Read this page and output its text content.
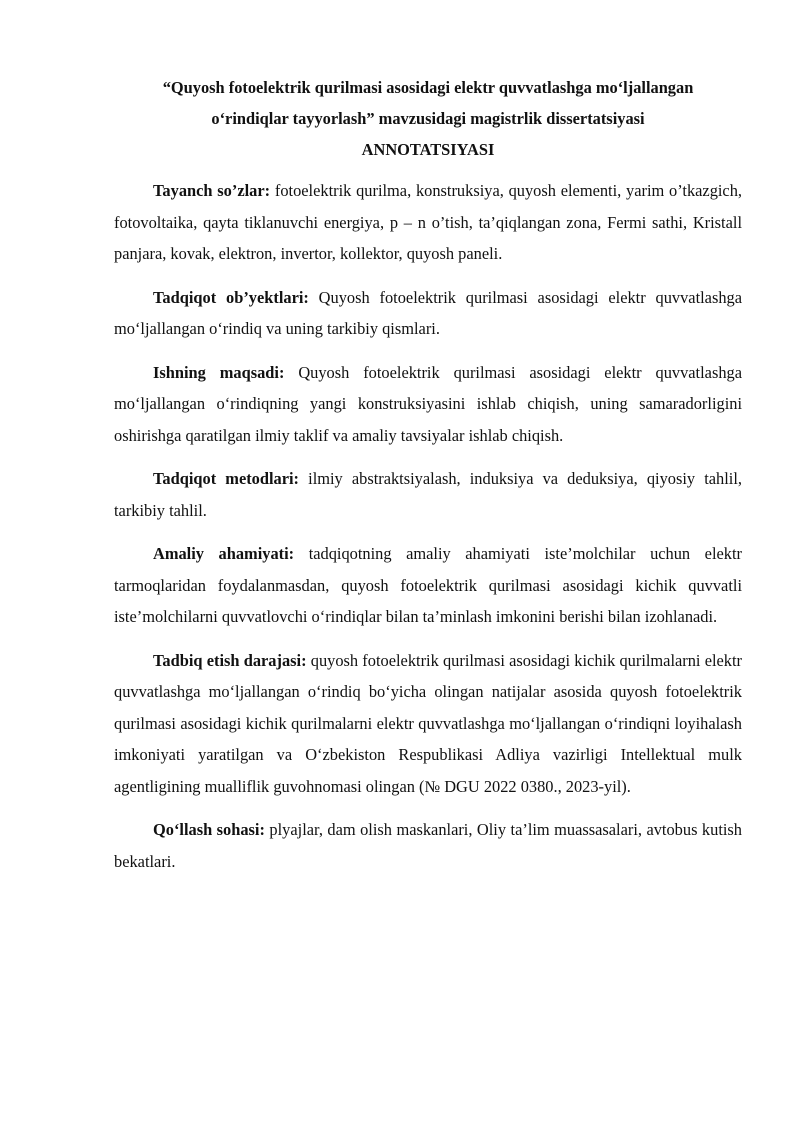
“Quyosh fotoelektrik qurilmasi asosidagi elektr quvvatlashga mo‘ljallangan
o‘rindiqlar tayyorlash” mavzusidagi magistrlik dissertatsiyasi

ANNOTATSIYASI

Tayanch so’zlar: fotoelektrik qurilma, konstruksiya, quyosh elementi, yarim o’tkazgich, fotovoltaika, qayta tiklanuvchi energiya, p – n o’tish, ta’qiqlangan zona, Fermi sathi, Kristall panjara, kovak, elektron, invertor, kollektor, quyosh paneli.

Tadqiqot ob’yektlari: Quyosh fotoelektrik qurilmasi asosidagi elektr quvvatlashga mo‘ljallangan o‘rindiq va uning tarkibiy qismlari.

Ishning maqsadi: Quyosh fotoelektrik qurilmasi asosidagi elektr quvvatlashga mo‘ljallangan o‘rindiqning yangi konstruksiyasini ishlab chiqish, uning samaradorligini oshirishga qaratilgan ilmiy taklif va amaliy tavsiyalar ishlab chiqish.

Tadqiqot metodlari: ilmiy abstraktsiyalash, induksiya va deduksiya, qiyosiy tahlil, tarkibiy tahlil.

Amaliy ahamiyati: tadqiqotning amaliy ahamiyati iste’molchilar uchun elektr tarmoqlaridan foydalanmasdan, quyosh fotoelektrik qurilmasi asosidagi kichik quvvatli iste’molchilarni quvvatlovchi o‘rindiqlar bilan ta’minlash imkonini berishi bilan izohlanadi.

Tadbiq etish darajasi: quyosh fotoelektrik qurilmasi asosidagi kichik qurilmalarni elektr quvvatlashga mo‘ljallangan o‘rindiq bo‘yicha olingan natijalar asosida quyosh fotoelektrik qurilmasi asosidagi kichik qurilmalarni elektr quvvatlashga mo‘ljallangan o‘rindiqni loyihalash imkoniyati yaratilgan va O‘zbekiston Respublikasi Adliya vazirligi Intellektual mulk agentligining mualliflik guvohnomasi olingan (№ DGU 2022 0380., 2023-yil).

Qo‘llash sohasi: plyajlar, dam olish maskanlari, Oliy ta’lim muassasalari, avtobus kutish bekatlari.
